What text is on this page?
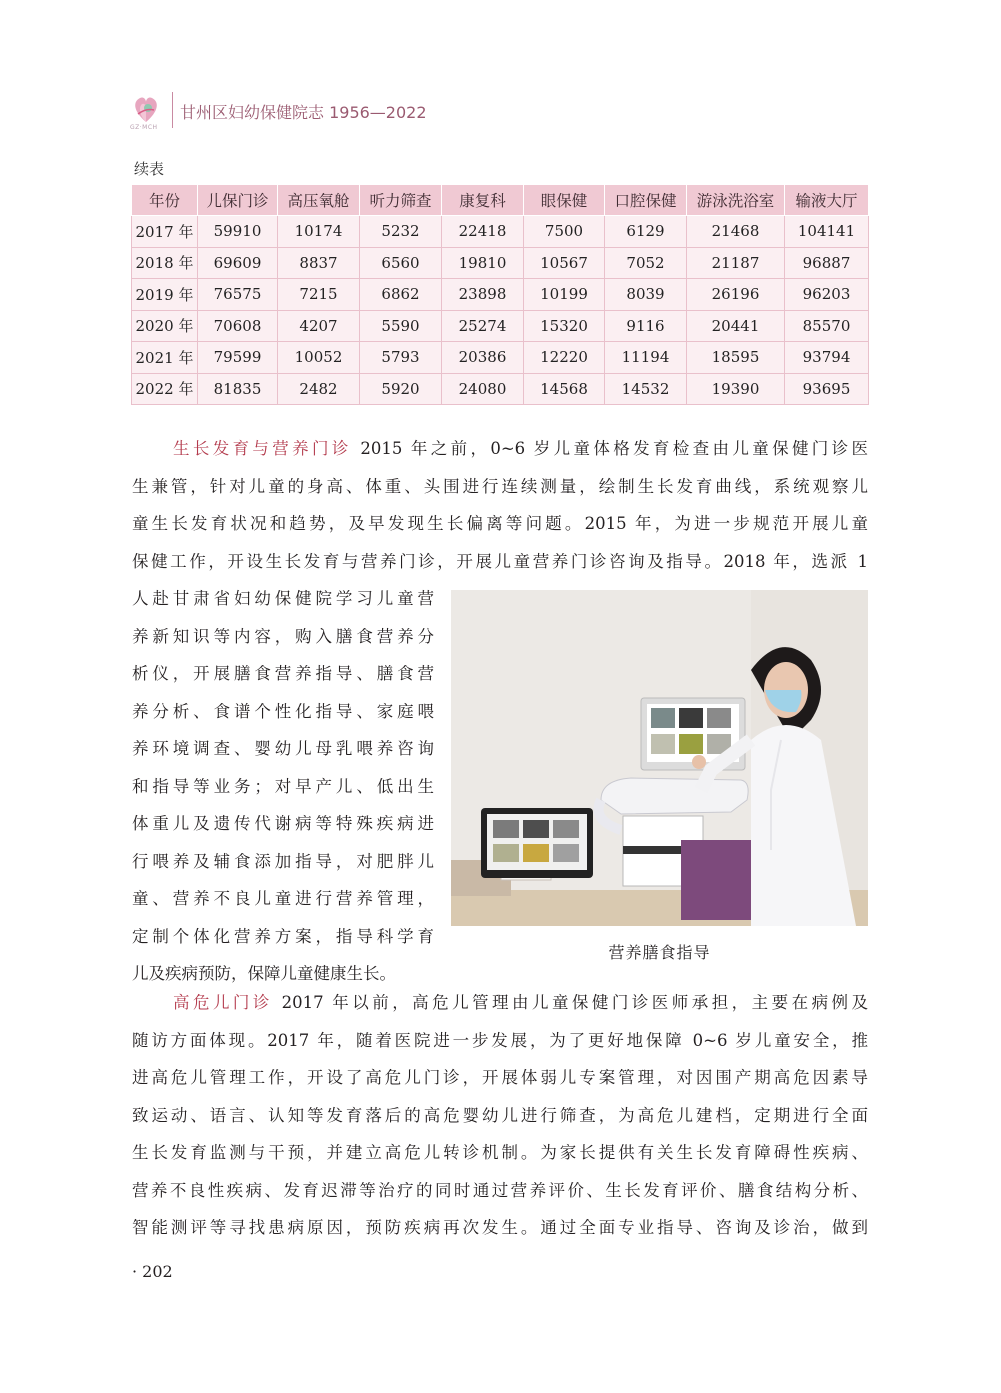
GZ·MCH
甘州区妇幼保健院志 1956—2022
续表
年份	儿保门诊	高压氧舱	听力筛查	康复科	眼保健	口腔保健	游泳洗浴室	输液大厅
2017 年	59910	10174	5232	22418	7500	6129	21468	104141
2018 年	69609	8837	6560	19810	10567	7052	21187	96887
2019 年	76575	7215	6862	23898	10199	8039	26196	96203
2020 年	70608	4207	5590	25274	15320	9116	20441	85570
2021 年	79599	10052	5793	20386	12220	11194	18595	93794
2022 年	81835	2482	5920	24080	14568	14532	19390	93695
生长发育与营养门诊 2015 年之前，0~6 岁儿童体格发育检查由儿童保健门诊医
生兼管，针对儿童的身高、体重、头围进行连续测量，绘制生长发育曲线，系统观察儿
童生长发育状况和趋势，及早发现生长偏离等问题。2015 年，为进一步规范开展儿童
保健工作，开设生长发育与营养门诊，开展儿童营养门诊咨询及指导。2018 年，选派 1
人赴甘肃省妇幼保健院学习儿童营
养新知识等内容，购入膳食营养分
析仪，开展膳食营养指导、膳食营
养分析、食谱个性化指导、家庭喂
养环境调查、婴幼儿母乳喂养咨询
和指导等业务；对早产儿、低出生
体重儿及遗传代谢病等特殊疾病进
行喂养及辅食添加指导，对肥胖儿
童、营养不良儿童进行营养管理，
定制个体化营养方案，指导科学育
儿及疾病预防，保障儿童健康生长。
营养膳食指导
高危儿门诊 2017 年以前，高危儿管理由儿童保健门诊医师承担，主要在病例及
随访方面体现。2017 年，随着医院进一步发展，为了更好地保障 0~6 岁儿童安全，推
进高危儿管理工作，开设了高危儿门诊，开展体弱儿专案管理，对因围产期高危因素导
致运动、语言、认知等发育落后的高危婴幼儿进行筛查，为高危儿建档，定期进行全面
生长发育监测与干预，并建立高危儿转诊机制。为家长提供有关生长发育障碍性疾病、
营养不良性疾病、发育迟滞等治疗的同时通过营养评价、生长发育评价、膳食结构分析、
智能测评等寻找患病原因，预防疾病再次发生。通过全面专业指导、咨询及诊治，做到
· 202
